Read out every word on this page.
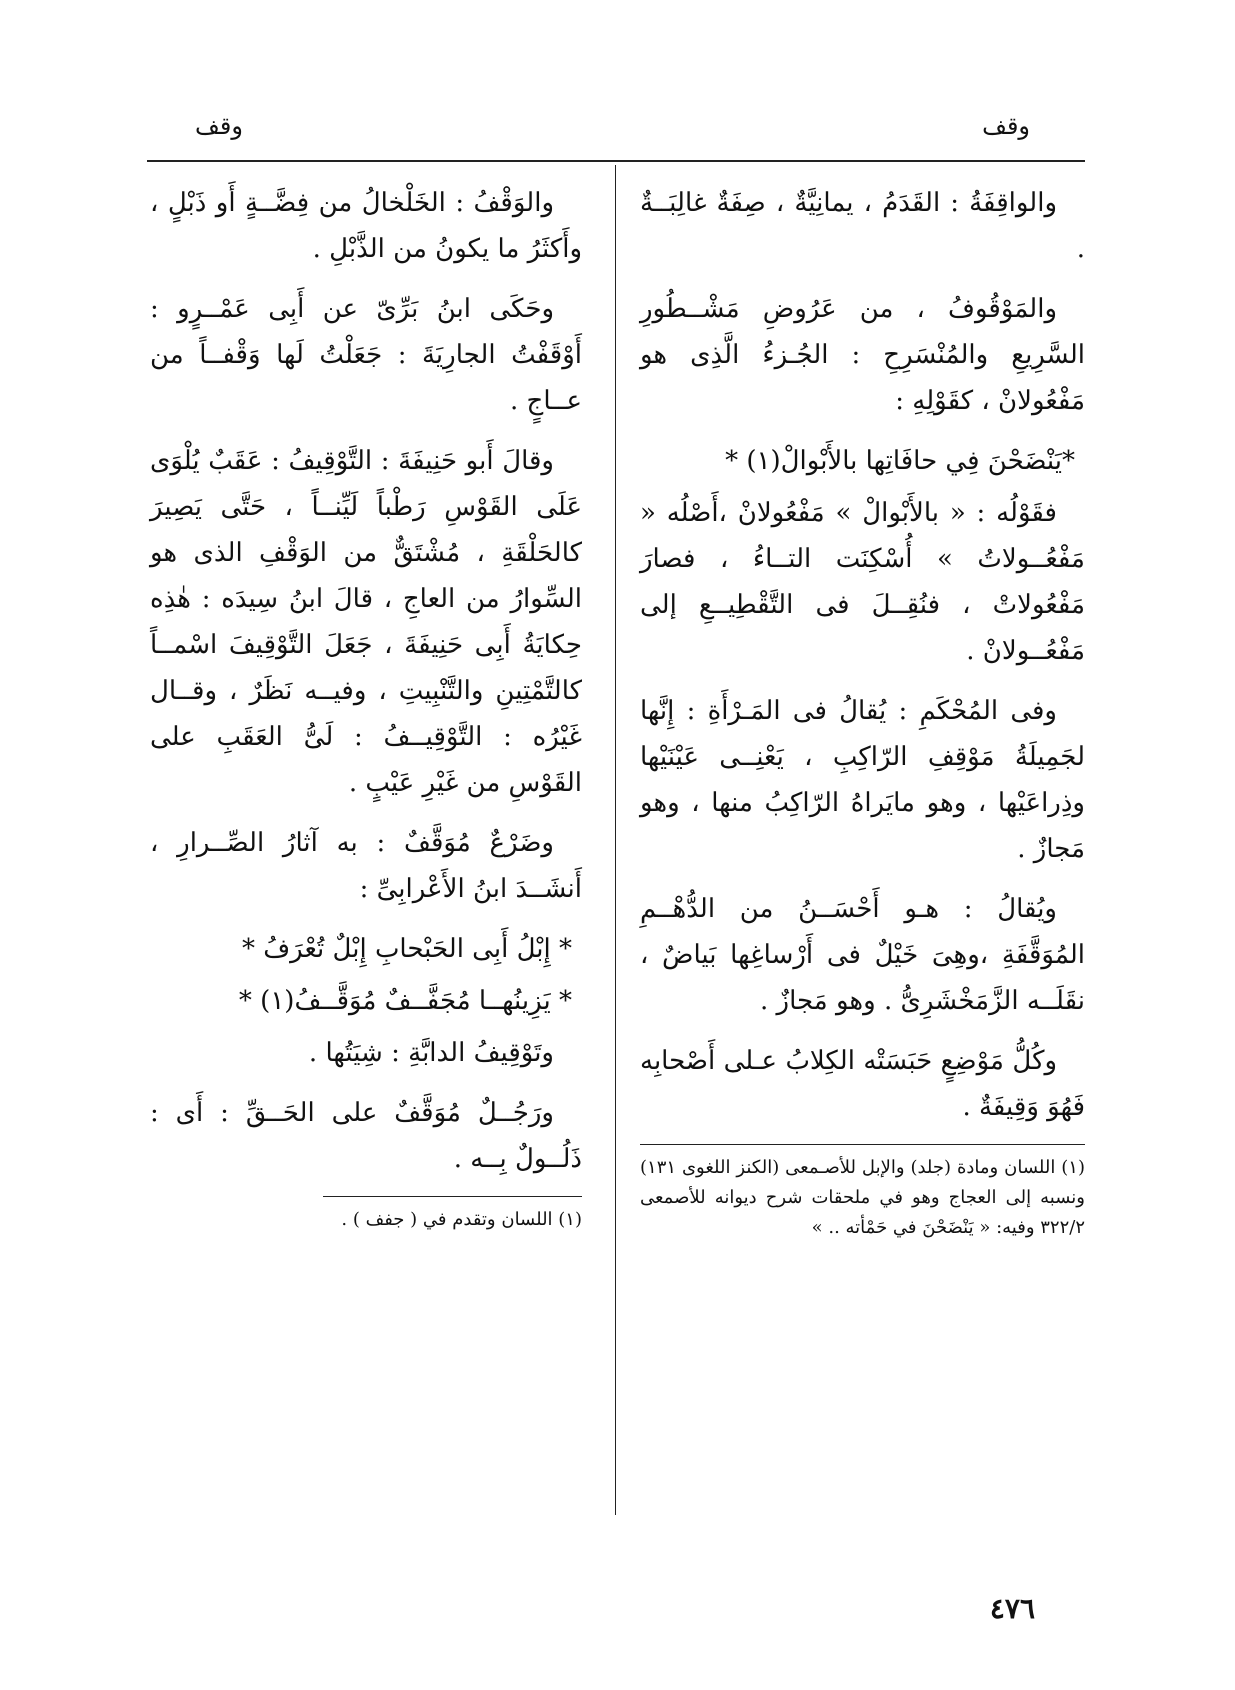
وقف
وقف

والواقِفَةُ : القَدَمُ ، يمانِيَّةٌ ، صِفَةٌ غالِبَــةٌ .

والمَوْقُوفُ ، من عَرُوضِ مَشْــطُورِ السَّرِيعِ والمُنْسَرِحِ : الجُـزءُ الَّذِى هو مَفْعُولانْ ، كقَوْلِهِ :

*يَنْضَحْنَ فِي حافَاتِها بالأَبْوالْ(١) *

فقَوْلُه : « بالأَبْوالْ » مَفْعُولانْ ،أَصْلُه « مَفْعُــولاتُ » أُسْكِنَت التــاءُ ، فصارَ مَفْعُولاتْ ، فنُقِــلَ فى التَّقْطِيــعِ إلى مَفْعُــولانْ .

وفى المُحْكَمِ : يُقالُ فى المَـرْأَةِ : إِنَّها لجَمِيلَةُ مَوْقِفِ الرّاكِبِ ، يَعْنِــى عَيْنَيْها وذِراعَيْها ، وهو مايَراهُ الرّاكِبُ منها ، وهو مَجازٌ .

ويُقالُ : هـو أَحْسَــنُ من الدُّهْــمِ المُوَقَّفَةِ ،وهِىَ خَيْلٌ فى أَرْساغِها بَياضٌ ، نقَلَــه الزَّمَخْشَرِىُّ . وهو مَجازٌ .

وكُلُّ مَوْضِعٍ حَبَسَتْه الكِلابُ عـلى أَصْحابِه فَهُوَ وَقِيفَةٌ .

(١) اللسان ومادة (جلد) والإبل للأصـمعى (الكنز اللغوى ١٣١) ونسبه إلى العجاج وهو في ملحقات شرح ديوانه للأصمعى ٣٢٢/٢ وفيه: « يَنْضَحْنَ في حَمْأته .. »

والوَقْفُ : الخَلْخالُ من فِضَّــةٍ أَو ذَبْلٍ ، وأَكثَرُ ما يكونُ من الذَّبْلِ .

وحَكَى ابنُ بَرِّىّ عن أَبِى عَمْــرٍو : أَوْقَفْتُ الجارِيَةَ : جَعَلْتُ لَها وَقْفــاً من عــاجٍ .

وقالَ أَبو حَنِيفَةَ : التَّوْقِيفُ : عَقَبٌ يُلْوَى عَلَى القَوْسِ رَطْباً لَيِّنــاً ، حَتَّى يَصِيرَ كالحَلْقَةِ ، مُشْتَقٌّ من الوَقْفِ الذى هو السِّوارُ من العاجِ ، قالَ ابنُ سِيدَه : هٰذِه حِكايَةُ أَبِى حَنِيفَةَ ، جَعَلَ التَّوْقِيفَ اسْمــاً كالتَّمْتِينِ والتَّنْبِيتِ ، وفيــه نَظَرٌ ، وقــال غَيْرُه : التَّوْقِيــفُ : لَىُّ العَقَبِ على القَوْسِ من غَيْرِ عَيْبٍ .

وضَرْعٌ مُوَقَّفٌ : به آثارُ الصِّــرارِ ، أَنشَــدَ ابنُ الأَعْرابِىِّ :

* إِبْلُ أَبِى الحَبْحابِ إِبْلٌ تُعْرَفُ *

* يَزِينُهــا مُجَفَّــفٌ مُوَقَّــفُ(١) *

وتَوْقِيفُ الدابَّةِ : شِيَتُها .

ورَجُــلٌ مُوَقَّفٌ على الحَــقِّ : أَى : ذَلُــولٌ بِــه .

(١) اللسان وتقدم في ( جفف ) .

٤٧٦
